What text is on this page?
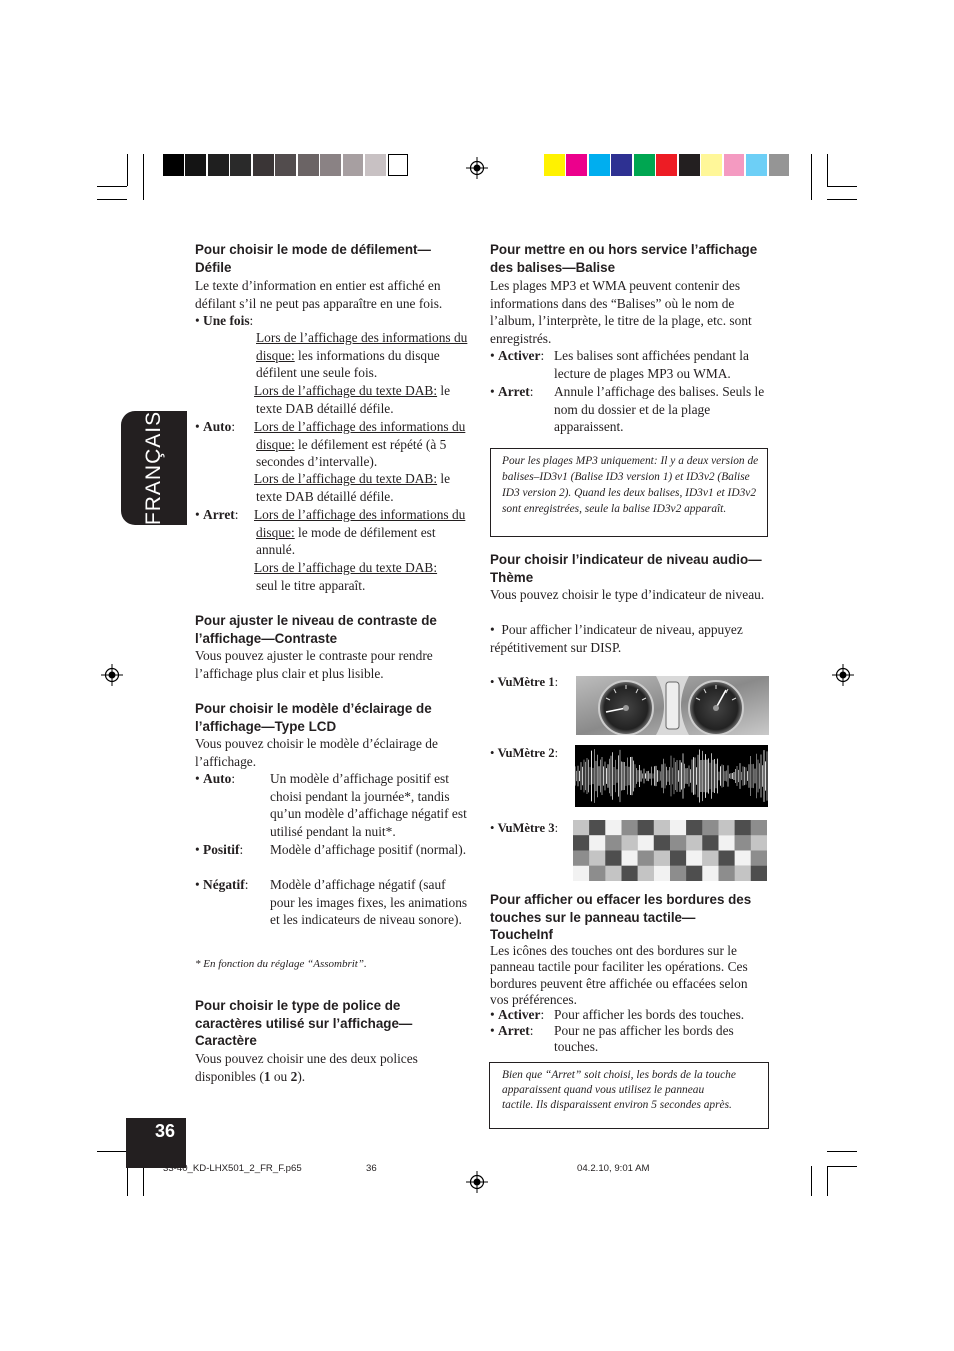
FRANÇAIS
36
Pour choisir le mode de défilement— Défile
Le texte d’information en entier est affiché en défilant s’il ne peut pas apparaître en une fois.
• Une fois:
Lors de l’affichage des informations du disque: les informations du disque défilent une seule fois.
Lors de l’affichage du texte DAB: le texte DAB détaillé défile.
• Auto: Lors de l’affichage des informations du disque: le défilement est répété (à 5 secondes d’intervalle).
Lors de l’affichage du texte DAB: le texte DAB détaillé défile.
• Arret: Lors de l’affichage des informations du disque: le mode de défilement est annulé.
Lors de l’affichage du texte DAB:
seul le titre apparaît.
Pour ajuster le niveau de contraste de l’affichage—Contraste
Vous pouvez ajuster le contraste pour rendre l’affichage plus clair et plus lisible.
Pour choisir le modèle d’éclairage de l’affichage—Type LCD
Vous pouvez choisir le modèle d’éclairage de l’affichage.
• Auto:	Un modèle d’affichage positif est choisi pendant la journée*, tandis qu’un modèle d’affichage négatif est utilisé pendant la nuit*.
• Positif: Modèle d’affichage positif (normal).
• Négatif: Modèle d’affichage négatif (sauf pour les images fixes, les animations et les indicateurs de niveau sonore).
* En fonction du réglage “Assombrit”.
Pour choisir le type de police de caractères utilisé sur l’affichage— Caractère
Vous pouvez choisir une des deux polices disponibles (1 ou 2).
Pour mettre en ou hors service l’affichage des balises—Balise
Les plages MP3 et WMA peuvent contenir des informations dans des “Balises” où le nom de l’album, l’interprète, le titre de la plage, etc. sont enregistrés.
• Activer: Les balises sont affichées pendant la lecture de plages MP3 ou WMA.
• Arret: Annule l’affichage des balises. Seuls le nom du dossier et de la plage apparaissent.
Pour les plages MP3 uniquement: Il y a deux version de balises–ID3v1 (Balise ID3 version 1) et ID3v2 (Balise ID3 version 2). Quand les deux balises, ID3v1 et ID3v2 sont enregistrées, seule la balise ID3v2 apparaît.
Pour choisir l’indicateur de niveau audio—Thème
Vous pouvez choisir le type d’indicateur de niveau.
•  Pour afficher l’indicateur de niveau, appuyez répétitivement sur DISP.
• VuMètre 1:
• VuMètre 2:
• VuMètre 3:
Pour afficher ou effacer les bordures des touches sur le panneau tactile— ToucheInf
Les icônes des touches ont des bordures sur le panneau tactile pour faciliter les opérations. Ces bordures peuvent être affichée ou effacées selon vos préférences.
• Activer: Pour afficher les bords des touches.
• Arret: Pour ne pas afficher les bords des touches.
Bien que “Arret” soit choisi, les bords de la touche apparaissent quand vous utilisez le panneau tactile. Ils disparaissent environ 5 secondes après.
33-40_KD-LHX501_2_FR_F.p65	36	04.2.10, 9:01 AM
